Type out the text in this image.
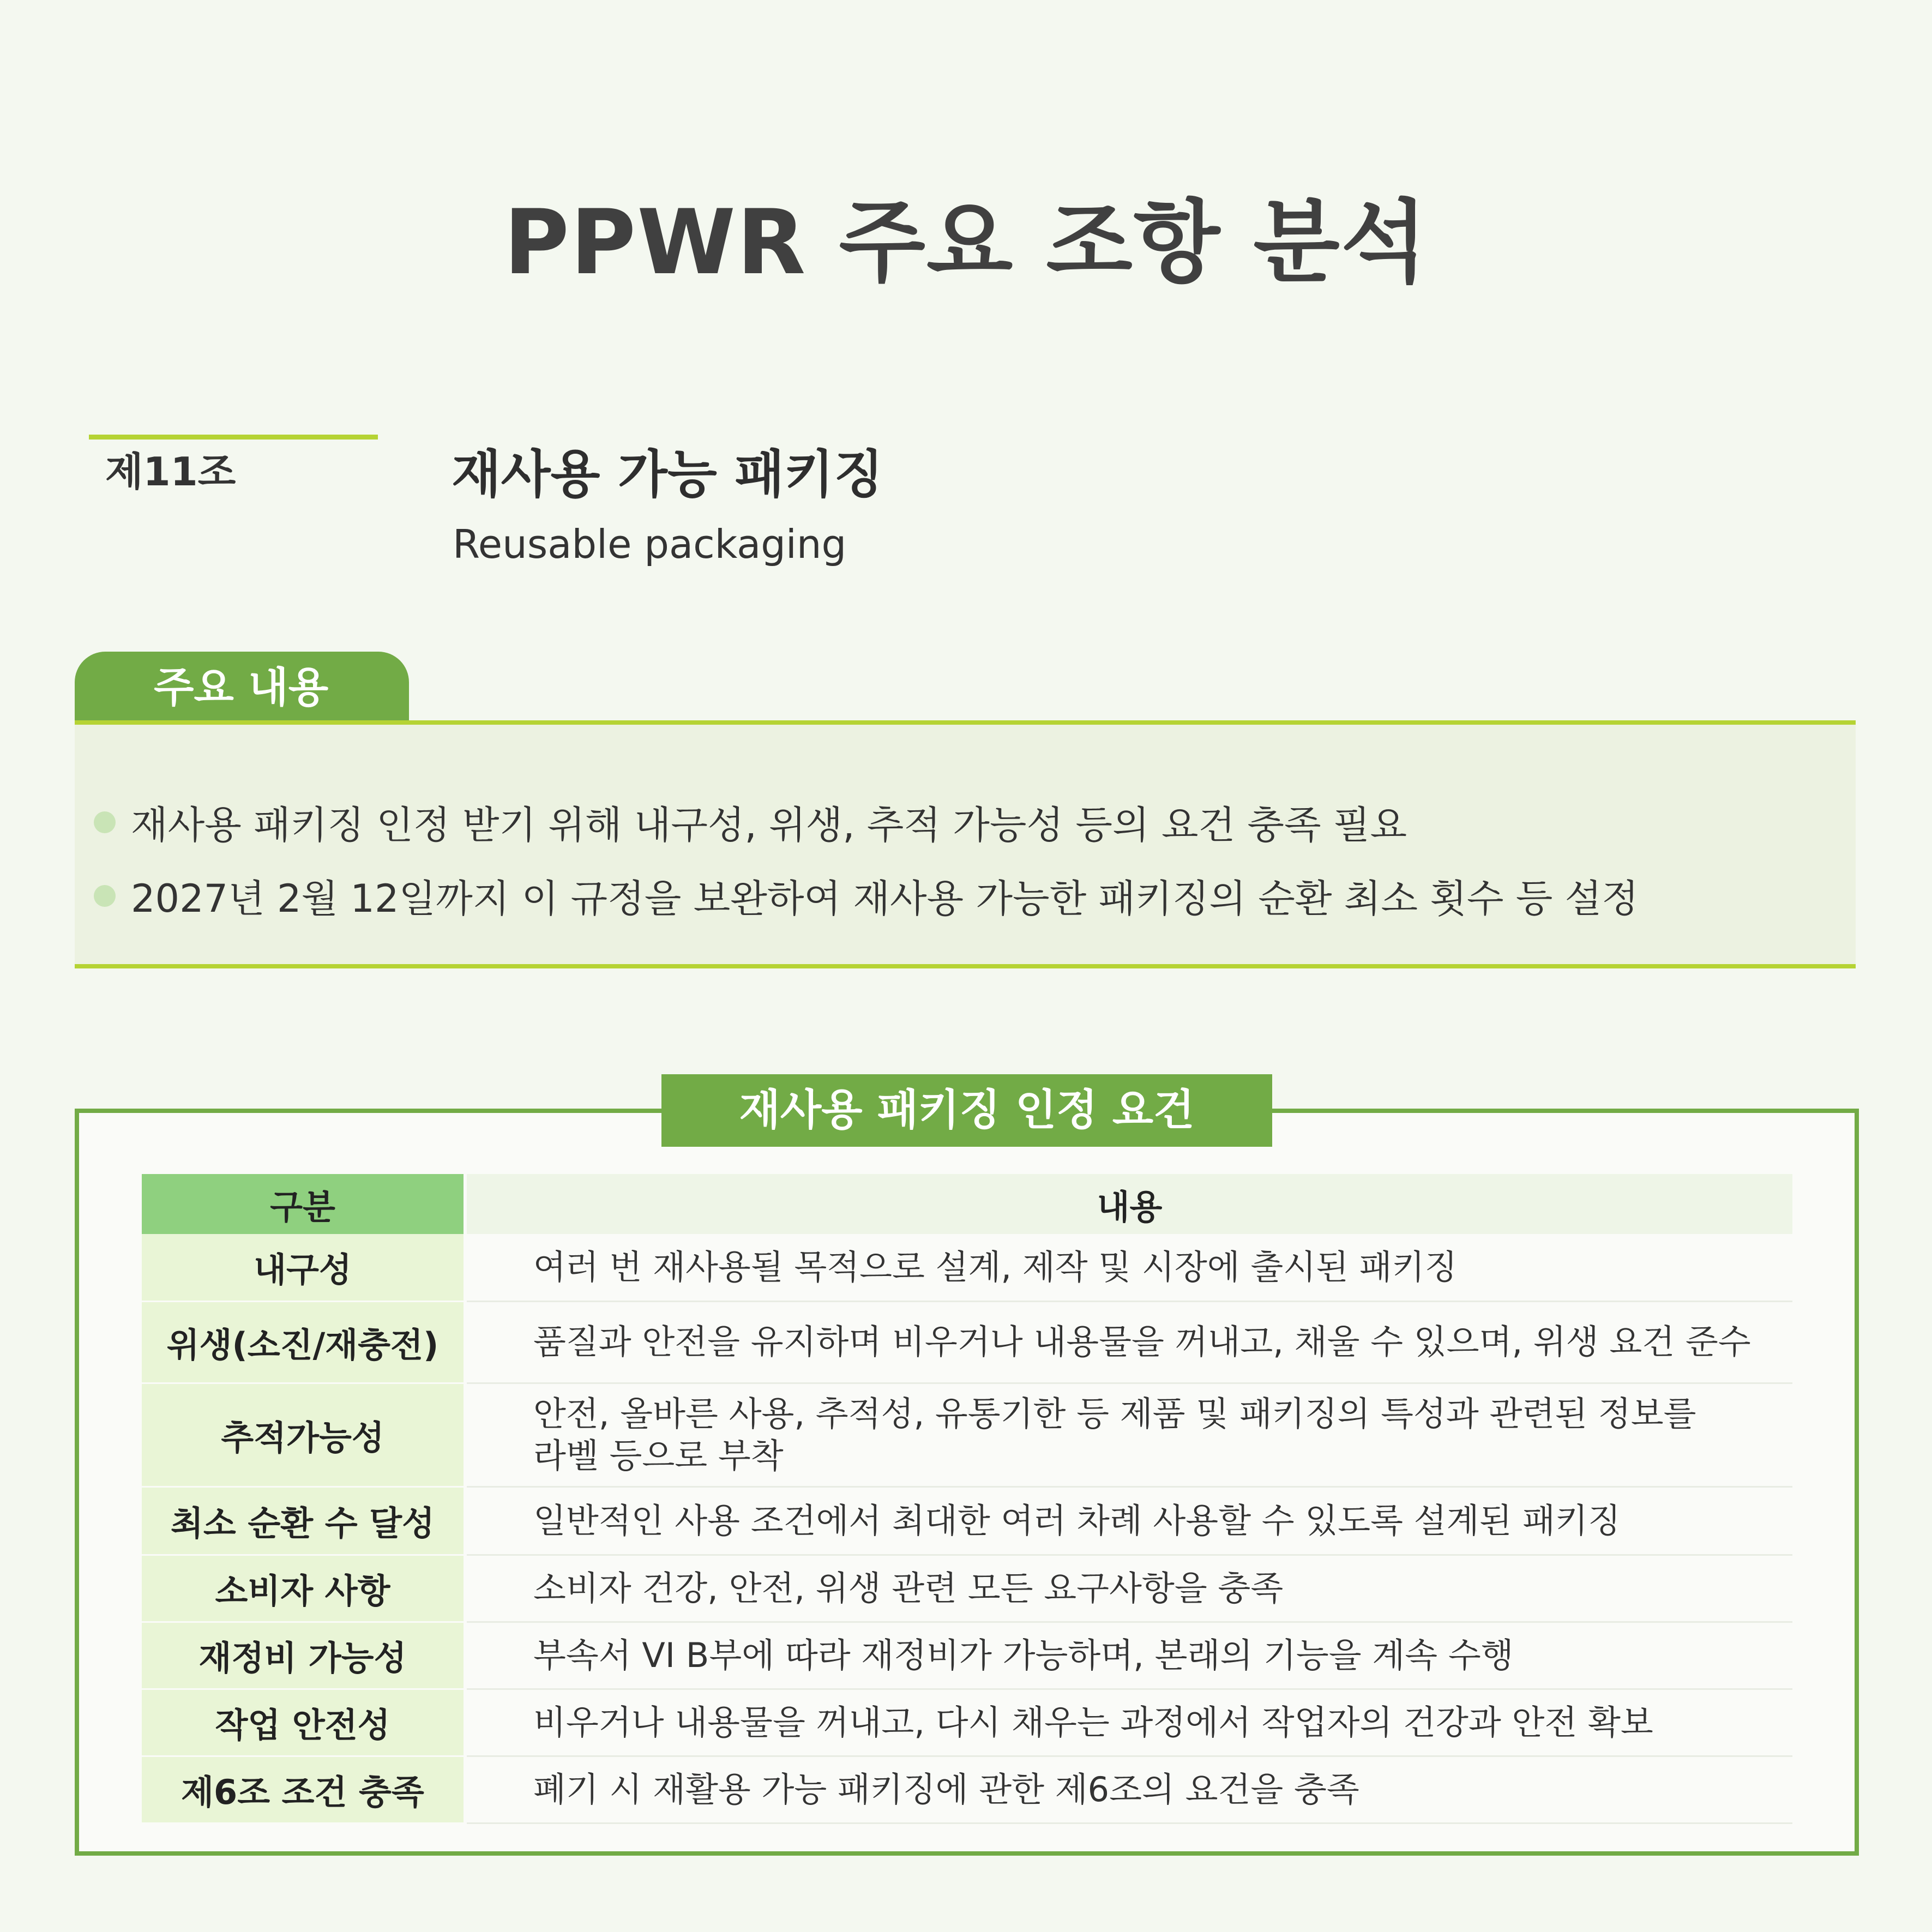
PPWR 주요 조항 분석
제11조	재사용 가능 패키징
Reusable packaging
주요 내용
재사용 패키징 인정 받기 위해 내구성, 위생, 추적 가능성 등의 요건 충족 필요
2027년 2월 12일까지 이 규정을 보완하여 재사용 가능한 패키징의 순환 최소 횟수 등 설정
재사용 패키징 인정 요건
구분	내용
내구성	여러 번 재사용될 목적으로 설계, 제작 및 시장에 출시된 패키징
위생(소진/재충전)	품질과 안전을 유지하며 비우거나 내용물을 꺼내고, 채울 수 있으며, 위생 요건 준수
추적가능성	안전, 올바른 사용, 추적성, 유통기한 등 제품 및 패키징의 특성과 관련된 정보를
라벨 등으로 부착

최소 순환 수 달성	일반적인 사용 조건에서 최대한 여러 차례 사용할 수 있도록 설계된 패키징
소비자 사항	소비자 건강, 안전, 위생 관련 모든 요구사항을 충족
재정비 가능성	부속서 VI B부에 따라 재정비가 가능하며, 본래의 기능을 계속 수행
작업 안전성	비우거나 내용물을 꺼내고, 다시 채우는 과정에서 작업자의 건강과 안전 확보
제6조 조건 충족	폐기 시 재활용 가능 패키징에 관한 제6조의 요건을 충족
